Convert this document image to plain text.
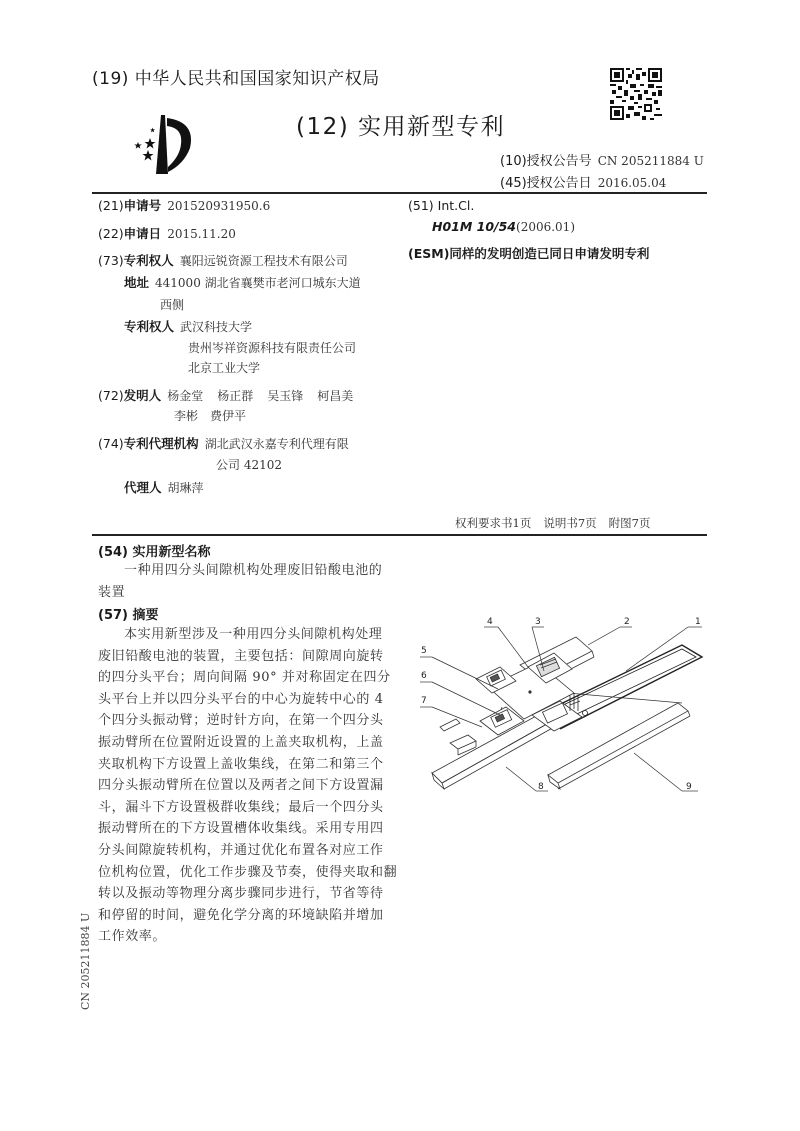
(19) 中华人民共和国国家知识产权局
(12) 实用新型专利
(10)授权公告号 CN 205211884 U
(45)授权公告日 2016.05.04
(21)申请号 201520931950.6
(22)申请日 2015.11.20
(73)专利权人 襄阳远锐资源工程技术有限公司
地址 441000 湖北省襄樊市老河口城东大道
西侧
专利权人 武汉科技大学
贵州岑祥资源科技有限责任公司
北京工业大学
(72)发明人 杨金堂 杨正群 吴玉锋 柯昌美
李彬 费伊平
(74)专利代理机构 湖北武汉永嘉专利代理有限
公司 42102
代理人 胡琳萍
(51) Int.Cl.
H01M 10/54(2006.01)
(ESM)同样的发明创造已同日申请发明专利
权利要求书1页 说明书7页 附图7页
(54) 实用新型名称
一种用四分头间隙机构处理废旧铅酸电池的
装置
(57) 摘要
本实用新型涉及一种用四分头间隙机构处理
废旧铅酸电池的装置，主要包括：间隙周向旋转
的四分头平台；周向间隔 90° 并对称固定在四分
头平台上并以四分头平台的中心为旋转中心的 4
个四分头振动臂；逆时针方向，在第一个四分头
振动臂所在位置附近设置的上盖夹取机构，上盖
夹取机构下方设置上盖收集线，在第二和第三个
四分头振动臂所在位置以及两者之间下方设置漏
斗，漏斗下方设置极群收集线；最后一个四分头
振动臂所在的下方设置槽体收集线。采用专用四
分头间隙旋转机构，并通过优化布置各对应工作
位机构位置，优化工作步骤及节奏，使得夹取和翻
转以及振动等物理分离步骤同步进行，节省等待
和停留的时间，避免化学分离的环境缺陷并增加
工作效率。
1
2
3
4
5
6
7
8	9
CN 205211884 U
